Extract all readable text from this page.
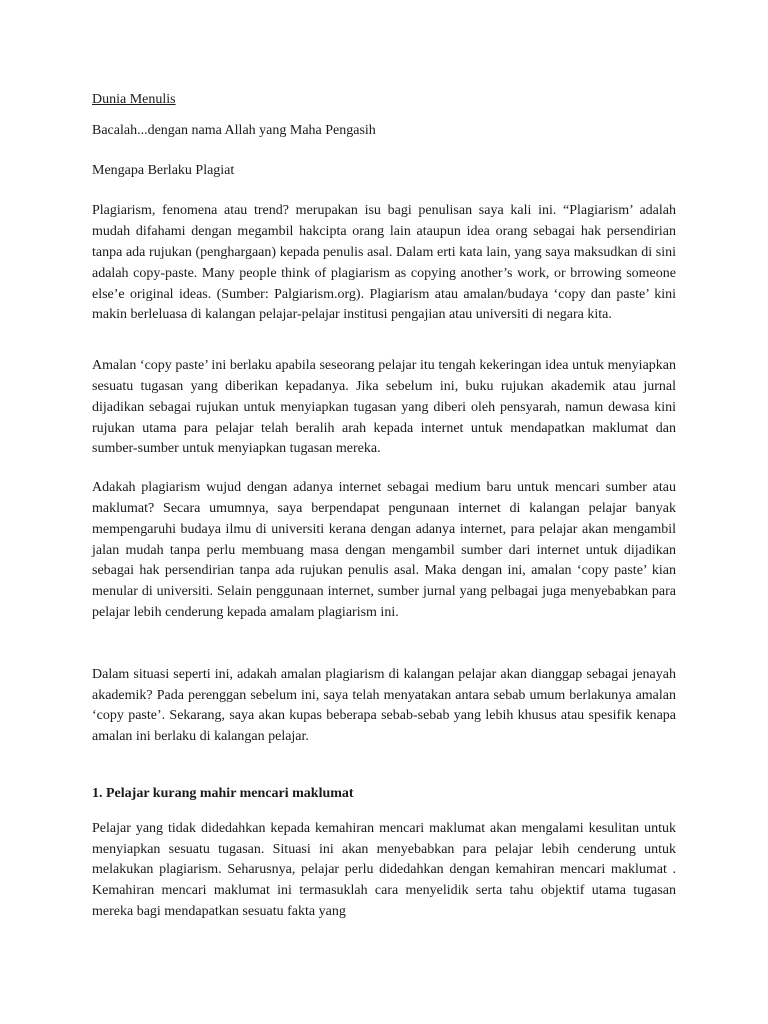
Dunia Menulis
Bacalah...dengan nama Allah yang Maha Pengasih
Mengapa Berlaku Plagiat

Plagiarism, fenomena atau trend? merupakan isu bagi penulisan saya kali ini. “Plagiarism’ adalah mudah difahami dengan megambil hakcipta orang lain ataupun idea orang sebagai hak persendirian tanpa ada rujukan (penghargaan) kepada penulis asal. Dalam erti kata lain, yang saya maksudkan di sini adalah copy-paste. Many people think of plagiarism as copying another’s work, or brrowing someone else’e original ideas. (Sumber: Palgiarism.org). Plagiarism atau amalan/budaya ‘copy dan paste’ kini makin berleluasa di kalangan pelajar-pelajar institusi pengajian atau universiti di negara kita.

Amalan ‘copy paste’ ini berlaku apabila seseorang pelajar itu tengah kekeringan idea untuk menyiapkan sesuatu tugasan yang diberikan kepadanya. Jika sebelum ini, buku rujukan akademik atau jurnal dijadikan sebagai rujukan untuk menyiapkan tugasan yang diberi oleh pensyarah, namun dewasa kini rujukan utama para pelajar telah beralih arah kepada internet untuk mendapatkan maklumat dan sumber-sumber untuk menyiapkan tugasan mereka.

Adakah plagiarism wujud dengan adanya internet sebagai medium baru untuk mencari sumber atau maklumat? Secara umumnya, saya berpendapat pengunaan internet di kalangan pelajar banyak mempengaruhi budaya ilmu di universiti kerana dengan adanya internet, para pelajar akan mengambil jalan mudah tanpa perlu membuang masa dengan mengambil sumber dari internet untuk dijadikan sebagai hak persendirian tanpa ada rujukan penulis asal. Maka dengan ini, amalan ‘copy paste’ kian menular di universiti. Selain penggunaan internet, sumber jurnal yang pelbagai juga menyebabkan para pelajar lebih cenderung kepada amalam plagiarism ini.

Dalam situasi seperti ini, adakah amalan plagiarism di kalangan pelajar akan dianggap sebagai jenayah akademik? Pada perenggan sebelum ini, saya telah menyatakan antara sebab umum berlakunya amalan ‘copy paste’. Sekarang, saya akan kupas beberapa sebab-sebab yang lebih khusus atau spesifik kenapa amalan ini berlaku di kalangan pelajar.

1. Pelajar kurang mahir mencari maklumat

Pelajar yang tidak didedahkan kepada kemahiran mencari maklumat akan mengalami kesulitan untuk menyiapkan sesuatu tugasan. Situasi ini akan menyebabkan para pelajar lebih cenderung untuk melakukan plagiarism. Seharusnya, pelajar perlu didedahkan dengan kemahiran mencari maklumat . Kemahiran mencari maklumat ini termasuklah cara menyelidik serta tahu objektif utama tugasan mereka bagi mendapatkan sesuatu fakta yang
